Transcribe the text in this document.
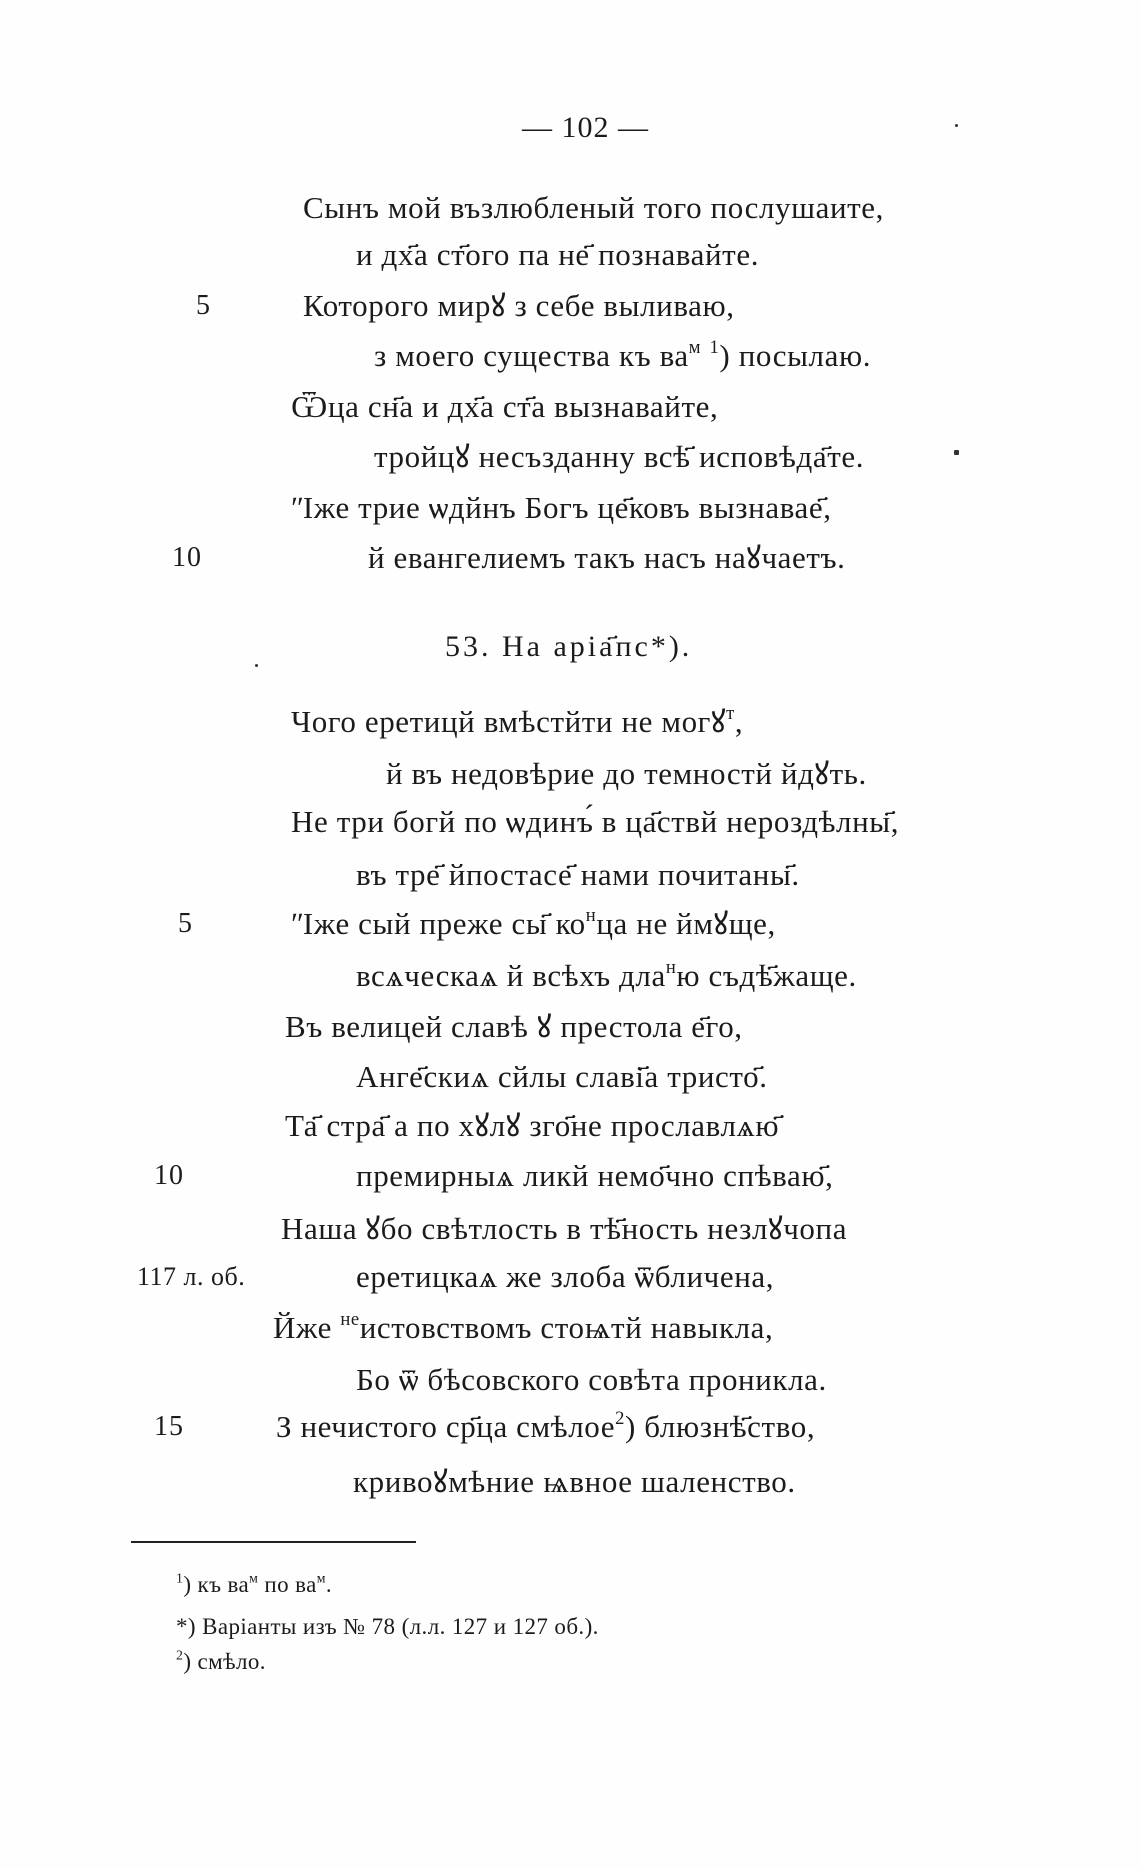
— 102 —
Сынъ мой възлюбленый того послушаите,
и дх҃а ст҃ого па не҃ познавайте.
5	Которого мирꙋ з себе выливаю,
з моего существа къ $ва^м$ $^1$) посылаю.
Ѿца сн҃а и дх҃а ст҃а вызнавайте,
тройцꙋ несъзданну всѣ҃ исповѣда҃те.
ʺІже трие ѡдйнъ Богъ це҃ковъ вызнавае҃,
10	й евангелиемъ такъ насъ наꙋчаетъ.
53. На аріа҃пс*).
Чого еретицй вмѣстйти не могꙋ$^т$,
й въ недовѣрие до темностй йдꙋть.
Не три богй по ѡдинъ́ в ца҃ствй нероздѣлны҃,
въ тре҃ йпостасе҃ нами почитаны҃.
5	ʺІже сый преже сы҃ $ко^нца$ не ймꙋще,
всѧческаѧ й всѣхъ дла$^н$ю съдѣ҃жаще.
Въ велицей славѣ ꙋ престола е҃го,
Анге҃скиѧ сйлы славі҃а тристо҃.
Та҃ стра҃ а по хꙋлꙋ зго҃не прославлѧю҃
10	премирныѧ ликй немо҃чно спѣваю҃,
Наша ꙋбо свѣтлость в тѣ҃ность незлꙋчопа
117 л. об.	еретицкаѧ же злоба ѿбличена,
Йже $^{не}$истовствомъ стоѩтй навыкла,
Бо ѿ бѣсовского совѣта проникла.
15	З нечистого ср҃ца смѣлое$^2$) блюзнѣ҃ство,
кривоꙋмѣние ѩвное шаленство.
$^1$) къ $ва^м$ по $ва^м$.
*) Варіанты изъ № 78 (л.л. 127 и 127 об.).
$^2$) смѣло.
